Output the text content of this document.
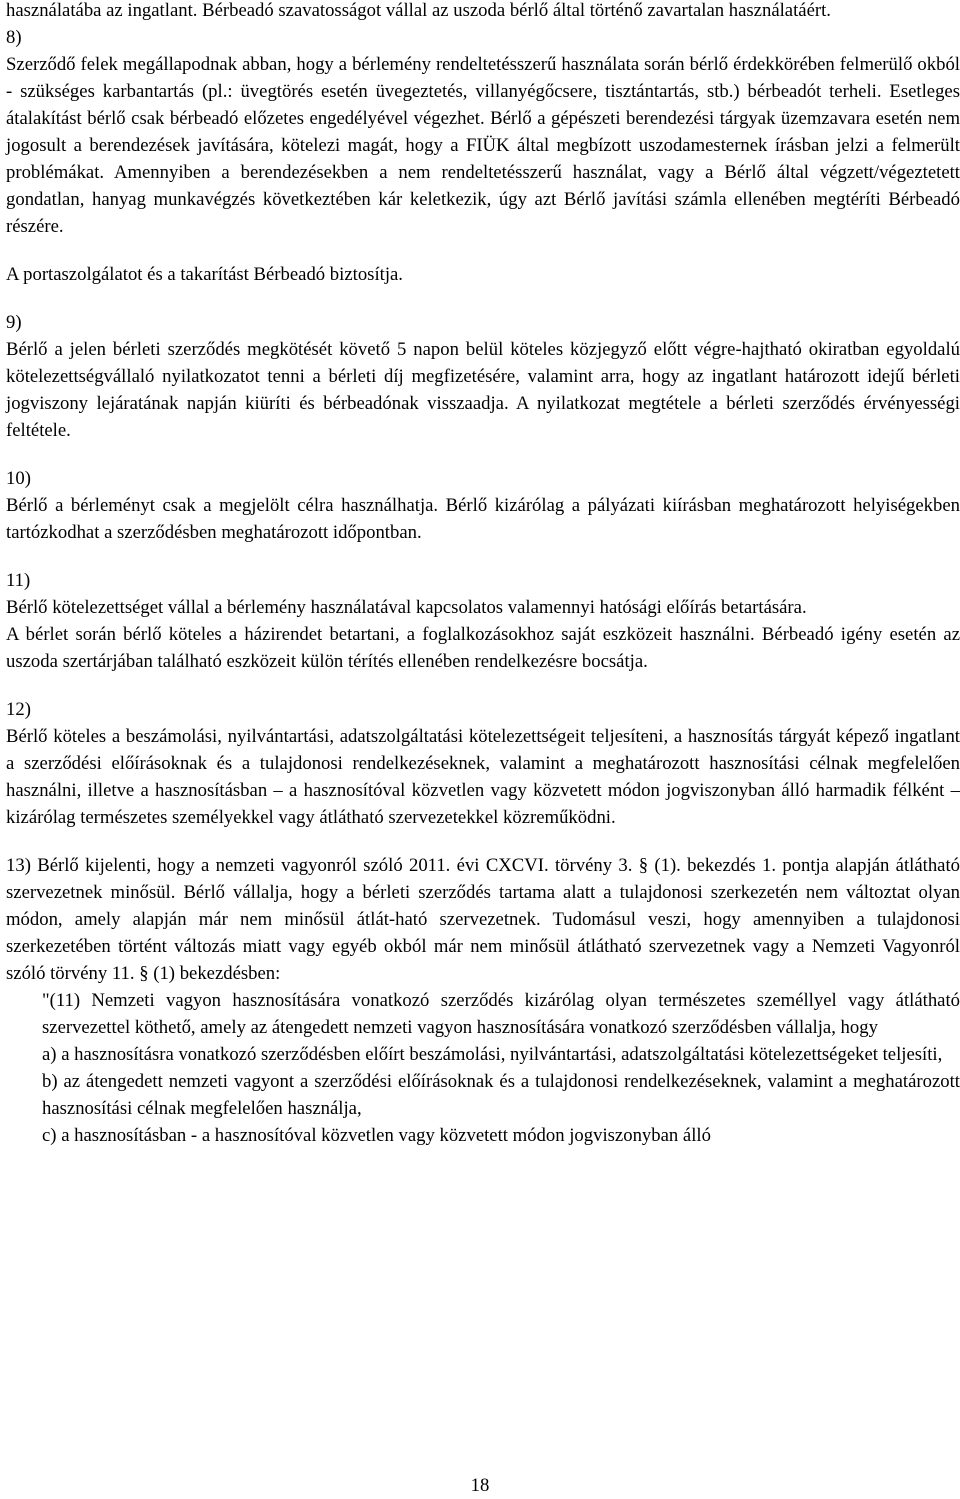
használatába az ingatlant. Bérbeadó szavatosságot vállal az uszoda bérlő által történő zavartalan használatáért.

8)

Szerződő felek megállapodnak abban, hogy a bérlemény rendeltetésszerű használata során bérlő érdekkörében felmerülő okból - szükséges karbantartás (pl.: üvegtörés esetén üvegeztetés, villanyégőcsere, tisztántartás, stb.) bérbeadót terheli. Esetleges átalakítást bérlő csak bérbeadó előzetes engedélyével végezhet. Bérlő a gépészeti berendezési tárgyak üzemzavara esetén nem jogosult a berendezések javítására, kötelezi magát, hogy a FIÜK által megbízott uszodamesternek írásban jelzi a felmerült problémákat. Amennyiben a berendezésekben a nem rendeltetésszerű használat, vagy a Bérlő által végzett/végeztetett gondatlan, hanyag munkavégzés következtében kár keletkezik, úgy azt Bérlő javítási számla ellenében megtéríti Bérbeadó részére.

A portaszolgálatot és a takarítást Bérbeadó biztosítja.

9)

Bérlő a jelen bérleti szerződés megkötését követő 5 napon belül köteles közjegyző előtt végre-hajtható okiratban egyoldalú kötelezettségvállaló nyilatkozatot tenni a bérleti díj megfizetésére, valamint arra, hogy az ingatlant határozott idejű bérleti jogviszony lejáratának napján kiüríti és bérbeadónak visszaadja. A nyilatkozat megtétele a bérleti szerződés érvényességi feltétele.

10)

Bérlő a bérleményt csak a megjelölt célra használhatja. Bérlő kizárólag a pályázati kiírásban meghatározott helyiségekben tartózkodhat a szerződésben meghatározott időpontban.

11)

Bérlő kötelezettséget vállal a bérlemény használatával kapcsolatos valamennyi hatósági előírás betartására.

A bérlet során bérlő köteles a házirendet betartani, a foglalkozásokhoz saját eszközeit használni. Bérbeadó igény esetén az uszoda szertárjában található eszközeit külön térítés ellenében rendelkezésre bocsátja.

12)

Bérlő köteles a beszámolási, nyilvántartási, adatszolgáltatási kötelezettségeit teljesíteni, a hasznosítás tárgyát képező ingatlant a szerződési előírásoknak és a tulajdonosi rendelkezéseknek, valamint a meghatározott hasznosítási célnak megfelelően használni, illetve a hasznosításban – a hasznosítóval közvetlen vagy közvetett módon jogviszonyban álló harmadik félként – kizárólag természetes személyekkel vagy átlátható szervezetekkel közreműködni.

13) Bérlő kijelenti, hogy a nemzeti vagyonról szóló 2011. évi CXCVI. törvény 3. § (1). bekezdés 1. pontja alapján átlátható szervezetnek minősül. Bérlő vállalja, hogy a bérleti szerződés tartama alatt a tulajdonosi szerkezetén nem változtat olyan módon, amely alapján már nem minősül átlát-ható szervezetnek. Tudomásul veszi, hogy amennyiben a tulajdonosi szerkezetében történt változás miatt vagy egyéb okból már nem minősül átlátható szervezetnek vagy a Nemzeti Vagyonról szóló törvény 11. § (1) bekezdésben:

"(11) Nemzeti vagyon hasznosítására vonatkozó szerződés kizárólag olyan természetes személlyel vagy átlátható szervezettel köthető, amely az átengedett nemzeti vagyon hasznosítására vonatkozó szerződésben vállalja, hogy

a) a hasznosításra vonatkozó szerződésben előírt beszámolási, nyilvántartási, adatszolgáltatási kötelezettségeket teljesíti,

b) az átengedett nemzeti vagyont a szerződési előírásoknak és a tulajdonosi rendelkezéseknek, valamint a meghatározott hasznosítási célnak megfelelően használja,

c) a hasznosításban - a hasznosítóval közvetlen vagy közvetett módon jogviszonyban álló

18
